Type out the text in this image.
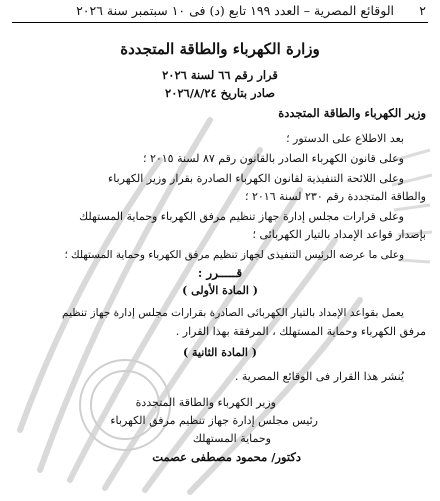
٢
الوقائع المصرية – العدد ١٩٩ تابع (د) فى ١٠ سبتمبر سنة ٢٠٢٦
وزارة الكهرباء والطاقة المتجددة
قرار رقم ٦٦ لسنة ٢٠٢٦
صادر بتاريخ ٢٠٢٦/٨/٢٤
وزير الكهرباء والطاقة المتجددة
بعد الاطلاع على الدستور ؛
وعلى قانون الكهرباء الصادر بالقانون رقم ٨٧ لسنة ٢٠١٥ ؛
وعلى اللائحة التنفيذية لقانون الكهرباء الصادرة بقرار وزير الكهرباء
والطاقة المتجددة رقم ٢٣٠ لسنة ٢٠١٦ ؛
وعلى قرارات مجلس إدارة جهاز تنظيم مرفق الكهرباء وحماية المستهلك
بإصدار قواعد الإمداد بالتيار الكهربائى ؛
وعلى ما عرضه الرئيس التنفيذى لجهاز تنظيم مرفق الكهرباء وحماية المستهلك ؛
قـــــرر :
( المادة الأولى )
يعمل بقواعد الإمداد بالتيار الكهربائى الصادرة بقرارات مجلس إدارة جهاز تنظيم
مرفق الكهرباء وحماية المستهلك ، المرفقة بهذا القرار .
( المادة الثانية )
يُنشر هذا القرار فى الوقائع المصرية .
وزير الكهرباء والطاقة المتجددة
رئيس مجلس إدارة جهاز تنظيم مرفق الكهرباء
وحماية المستهلك
دكتور/ محمود مصطفى عصمت
